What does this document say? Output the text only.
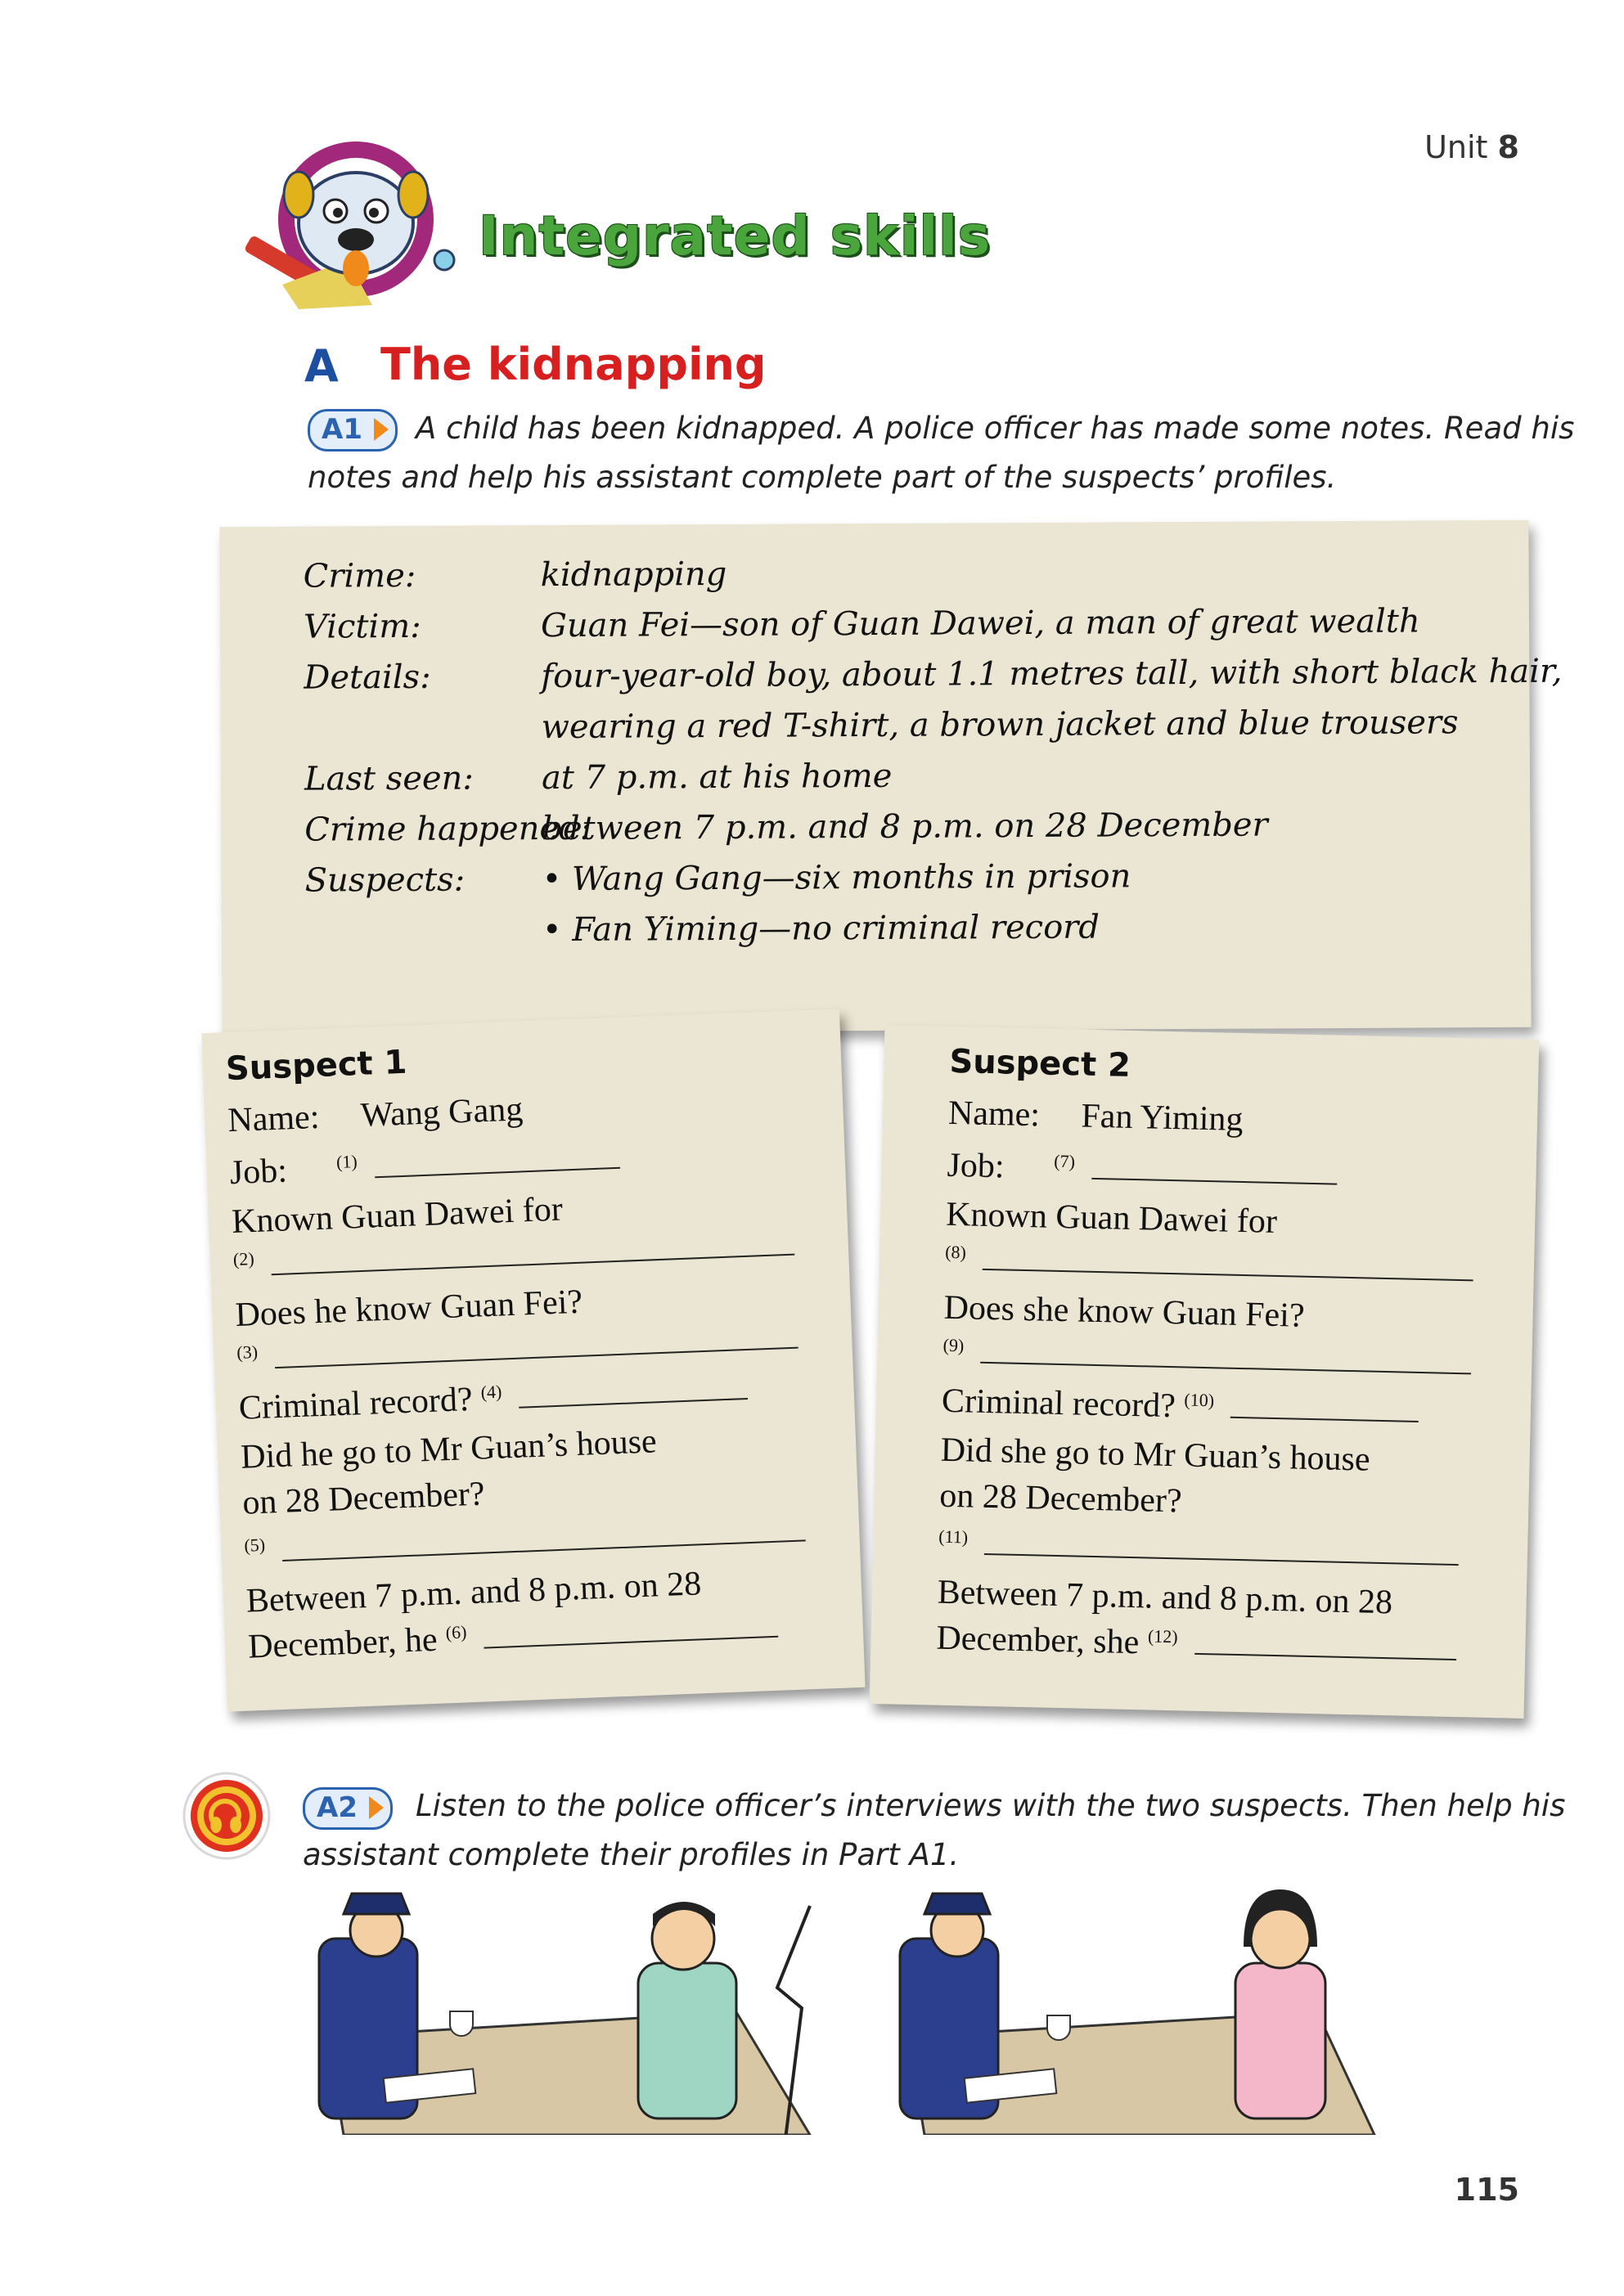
Unit 8
Integrated skills
A The kidnapping
A1 A child has been kidnapped. A police officer has made some notes. Read his
notes and help his assistant complete part of the suspects’ profiles.
Crime:	kidnapping
Victim:	Guan Fei—son of Guan Dawei, a man of great wealth
Details:	four-year-old boy, about 1.1 metres tall, with short black hair,
wearing a red T-shirt, a brown jacket and blue trousers
Last seen: at 7 p.m. at his home
Crime happened:
between 7 p.m. and 8 p.m. on 28 December
Suspects: • Wang Gang—six months in prison
• Fan Yiming—no criminal record
Suspect 1
Name: Wang Gang
Job:	$^{(1)}$
Known Guan Dawei for
$^{(2)}$
Does he know Guan Fei?
$^{(3)}$
Criminal record? $^{(4)}$
Did he go to Mr Guan’s house
on 28 December?
$^{(5)}$
Between 7 p.m. and 8 p.m. on 28
December, he $^{(6)}$
Suspect 2
Name: Fan Yiming
Job:	$^{(7)}$
Known Guan Dawei for
$^{(8)}$
Does she know Guan Fei?
$^{(9)}$
Criminal record? $^{(10)}$
Did she go to Mr Guan’s house
on 28 December?
$^{(11)}$
Between 7 p.m. and 8 p.m. on 28
December, she $^{(12)}$
A2 Listen to the police officer’s interviews with the two suspects. Then help his
assistant complete their profiles in Part A1.
115
